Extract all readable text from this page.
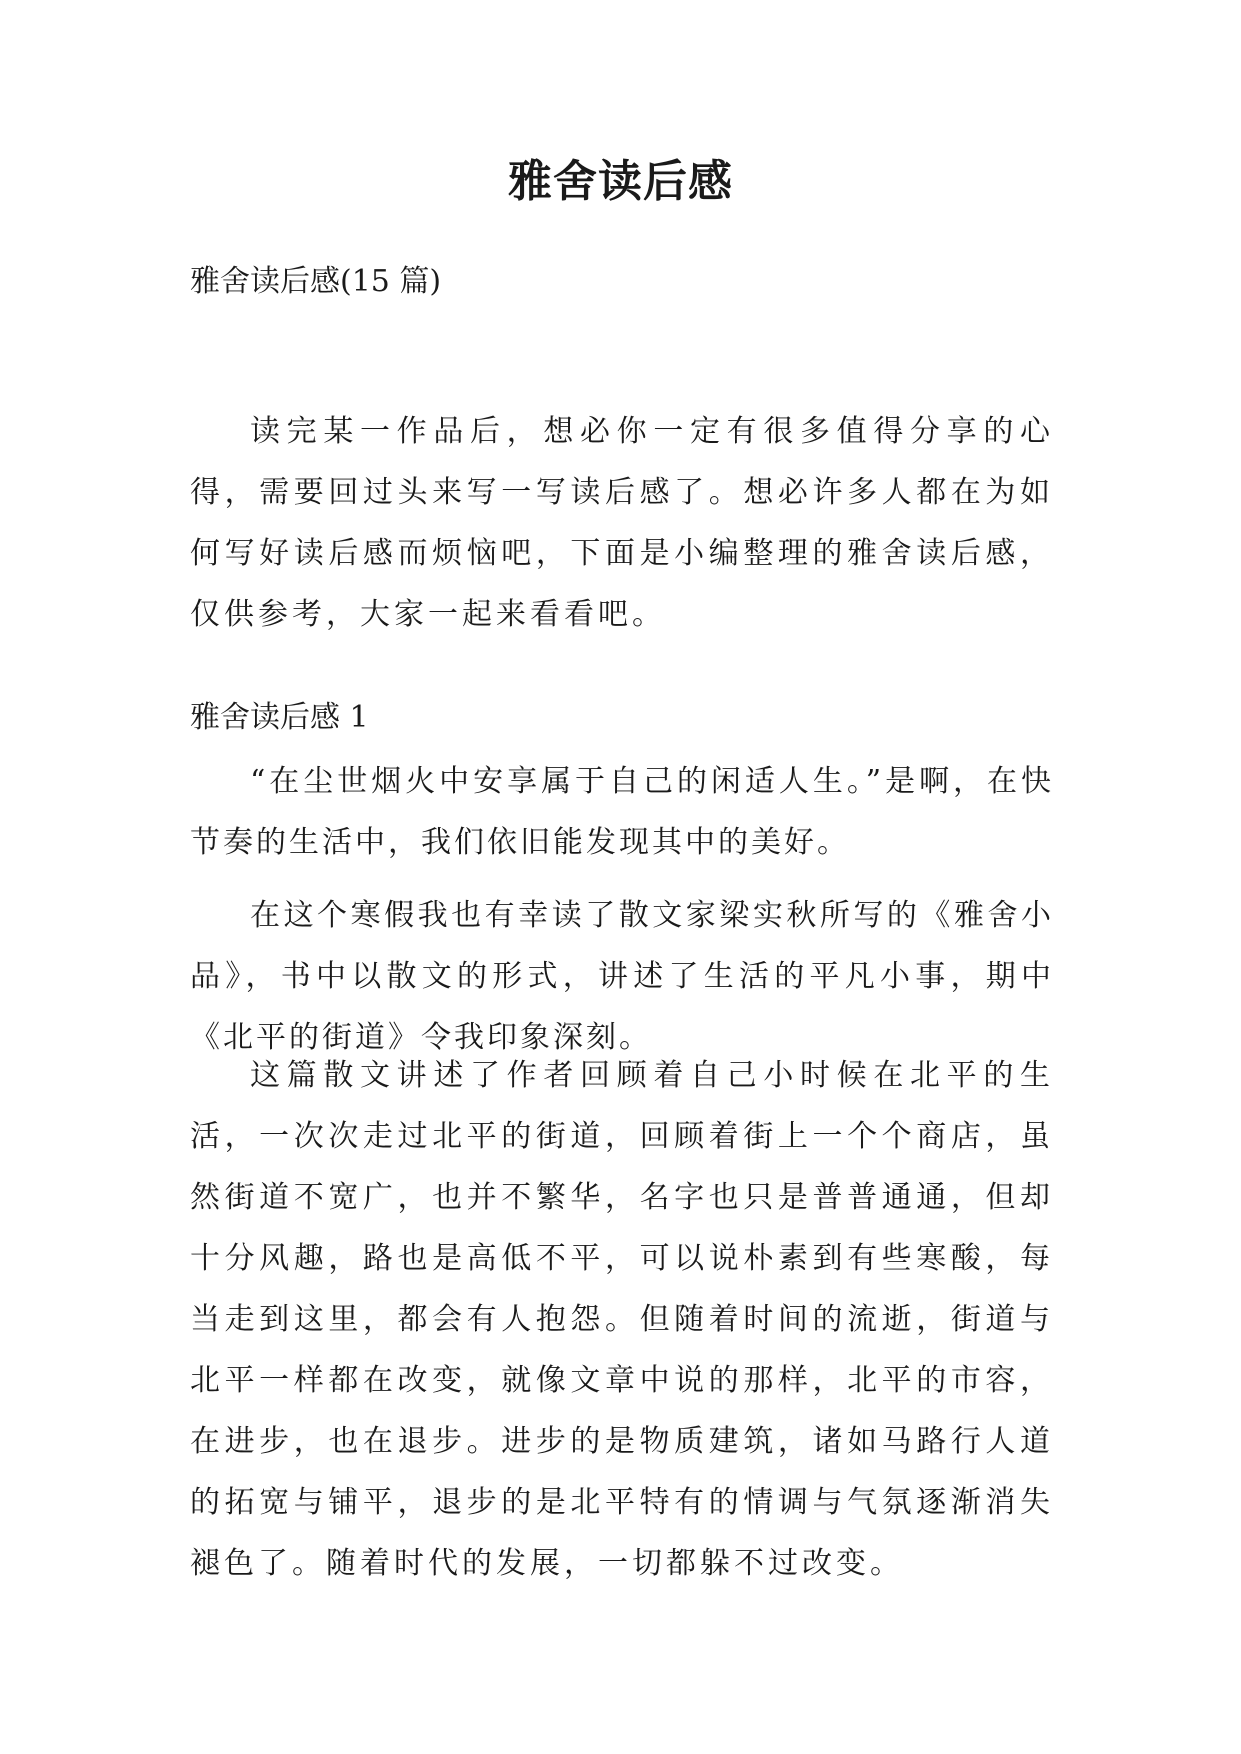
雅舍读后感

雅舍读后感(15 篇)

读完某一作品后，想必你一定有很多值得分享的心得，需要回过头来写一写读后感了。想必许多人都在为如何写好读后感而烦恼吧，下面是小编整理的雅舍读后感，仅供参考，大家一起来看看吧。

雅舍读后感 1

“在尘世烟火中安享属于自己的闲适人生。”是啊，在快节奏的生活中，我们依旧能发现其中的美好。

在这个寒假我也有幸读了散文家梁实秋所写的《雅舍小品》，书中以散文的形式，讲述了生活的平凡小事，期中《北平的街道》令我印象深刻。

这篇散文讲述了作者回顾着自己小时候在北平的生活，一次次走过北平的街道，回顾着街上一个个商店，虽然街道不宽广，也并不繁华，名字也只是普普通通，但却十分风趣，路也是高低不平，可以说朴素到有些寒酸，每当走到这里，都会有人抱怨。但随着时间的流逝，街道与北平一样都在改变，就像文章中说的那样，北平的市容，在进步，也在退步。进步的是物质建筑，诸如马路行人道的拓宽与铺平，退步的是北平特有的情调与气氛逐渐消失褪色了。随着时代的发展，一切都躲不过改变。
